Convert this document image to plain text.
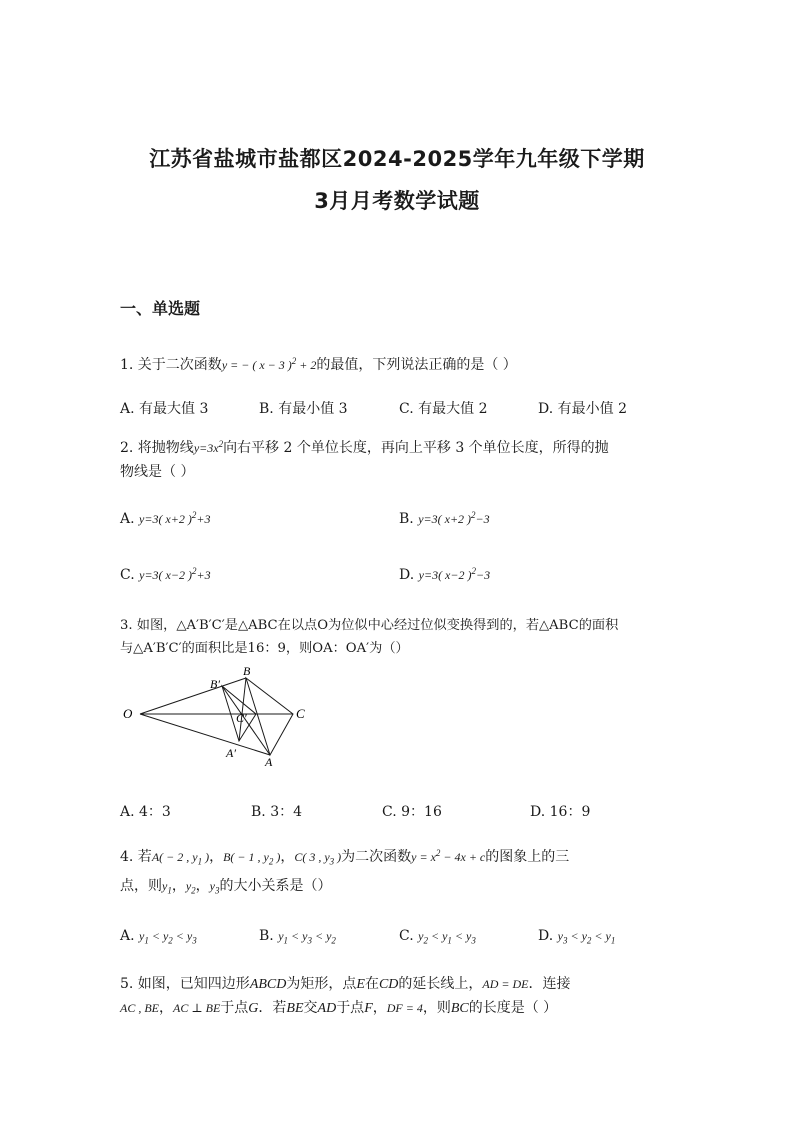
江苏省盐城市盐都区2024-2025学年九年级下学期
3月月考数学试题
一、单选题
1. 关于二次函数y = − ( x − 3 )$^2$ + 2的最值，下列说法正确的是（ ）
A. 有最大值 3	B. 有最小值 3	C. 有最大值 2	D. 有最小值 2
2. 将抛物线$y=3x^2$向右平移 2 个单位长度，再向上平移 3 个单位长度，所得的抛
物线是（ ）
A. y=3( x+2 )$^2$+3	B. y=3( x+2 )$^2$−3
C. y=3( x−2 )$^2$+3	D. y=3( x−2 )$^2$−3
3. 如图，△A′B′C′是△ABC在以点O为位似中心经过位似变换得到的，若△ABC的面积
与△A′B′C′的面积比是16：9，则OA：OA′为（）
O
B′
B
C′	C
A′
A
A. 4：3	B. 3：4	C. 9：16	D. 16：9
4. 若A( − 2 , $y_1$ )，B( − 1 , $y_2$ )，C( 3 , $y_3$ )为二次函数$y = x^2 - 4x + c$的图象上的三
点，则$y_1$，$y_2$，$y_3$的大小关系是（）
A. $y_1 < y_2 < y_3$	B. $y_1 < y_3 < y_2$	C. $y_2 < y_1 < y_3$	D. $y_3 < y_2 < y_1$
5. 如图，已知四边形ABCD为矩形，点E在CD的延长线上，AD = DE．连接
AC , BE，AC ⊥ BE于点G．若BE交AD于点F，DF = 4，则BC的长度是（ ）
